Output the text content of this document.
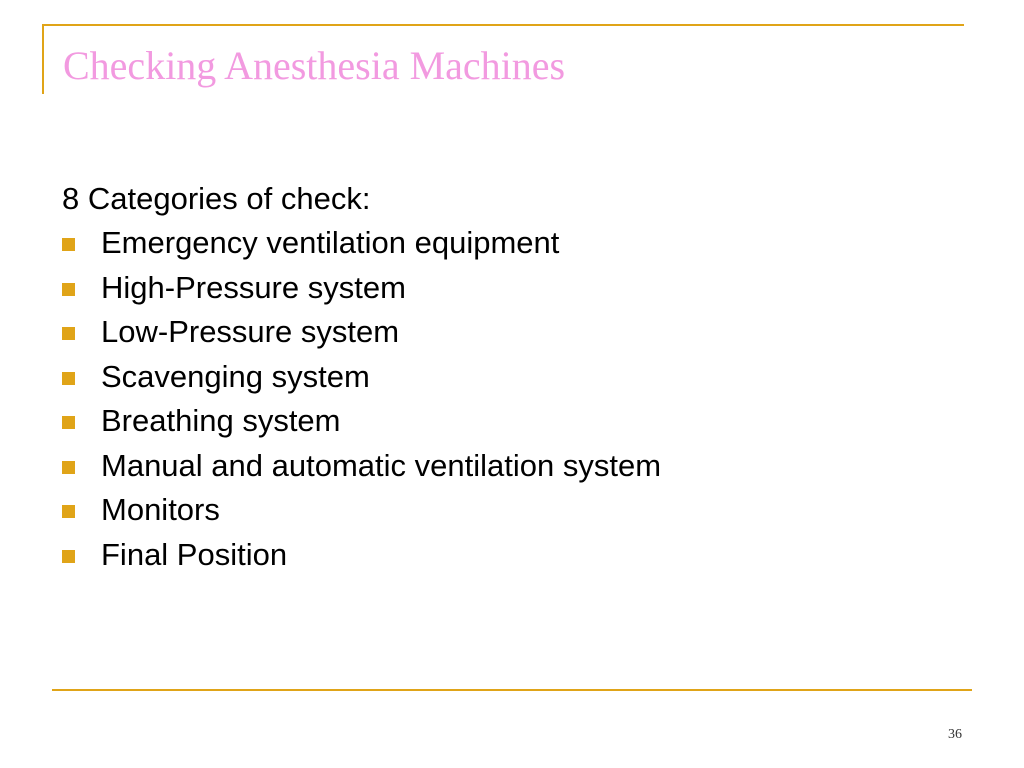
Checking Anesthesia Machines
8 Categories of check:
Emergency ventilation equipment
High-Pressure system
Low-Pressure system
Scavenging system
Breathing system
Manual and automatic ventilation system
Monitors
Final Position
36
